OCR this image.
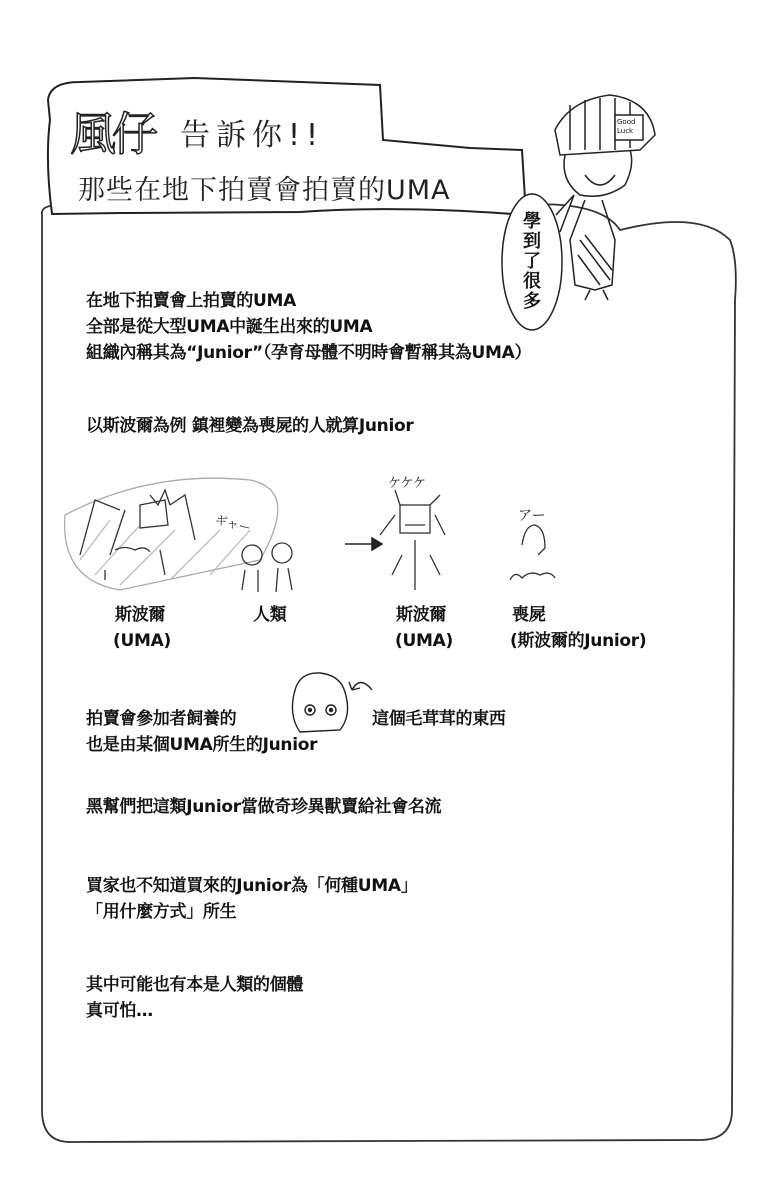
風仔 告訴你!!
那些在地下拍賣會拍賣的UMA
Good Luck
學到了很多
在地下拍賣會上拍賣的UMA
全部是從大型UMA中誕生出來的UMA
組織內稱其為“Junior”（孕育母體不明時會暫稱其為UMA）
以斯波爾為例 鎮裡變為喪屍的人就算Junior
ギャー
ケケケ
アー
斯波爾
(UMA)
人類	斯波爾
(UMA)
喪屍
(斯波爾的Junior)
拍賣會參加者飼養的	這個毛茸茸的東西
也是由某個UMA所生的Junior
黑幫們把這類Junior當做奇珍異獸賣給社會名流
買家也不知道買來的Junior為「何種UMA」
「用什麼方式」所生
其中可能也有本是人類的個體
真可怕…
